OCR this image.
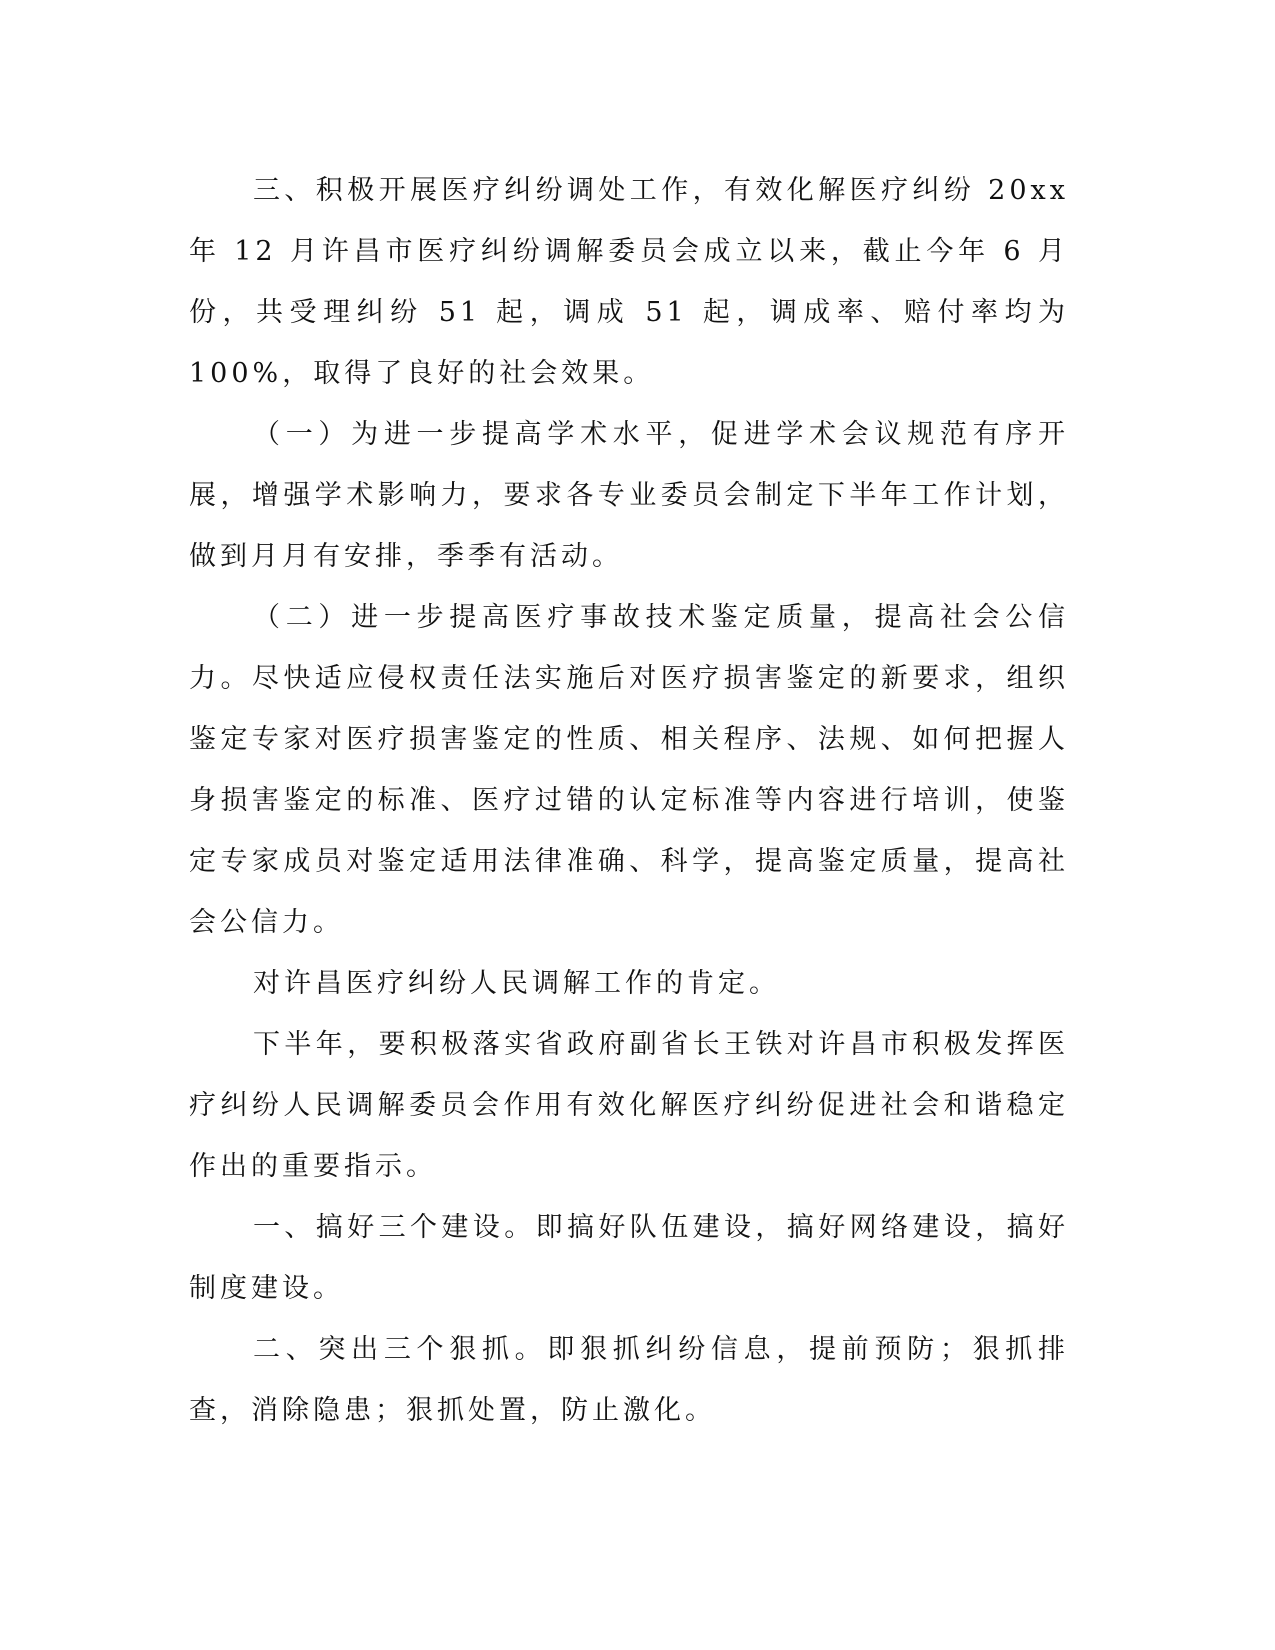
三、积极开展医疗纠纷调处工作，有效化解医疗纠纷 20xx 年 12 月许昌市医疗纠纷调解委员会成立以来，截止今年 6 月份，共受理纠纷 51 起，调成 51 起，调成率、赔付率均为 100%，取得了良好的社会效果。

（一）为进一步提高学术水平，促进学术会议规范有序开展，增强学术影响力，要求各专业委员会制定下半年工作计划，做到月月有安排，季季有活动。

（二）进一步提高医疗事故技术鉴定质量，提高社会公信力。尽快适应侵权责任法实施后对医疗损害鉴定的新要求，组织鉴定专家对医疗损害鉴定的性质、相关程序、法规、如何把握人身损害鉴定的标准、医疗过错的认定标准等内容进行培训，使鉴定专家成员对鉴定适用法律准确、科学，提高鉴定质量，提高社会公信力。

对许昌医疗纠纷人民调解工作的肯定。

下半年，要积极落实省政府副省长王铁对许昌市积极发挥医疗纠纷人民调解委员会作用有效化解医疗纠纷促进社会和谐稳定作出的重要指示。

一、搞好三个建设。即搞好队伍建设，搞好网络建设，搞好制度建设。

二、突出三个狠抓。即狠抓纠纷信息，提前预防；狠抓排查，消除隐患；狠抓处置，防止激化。
